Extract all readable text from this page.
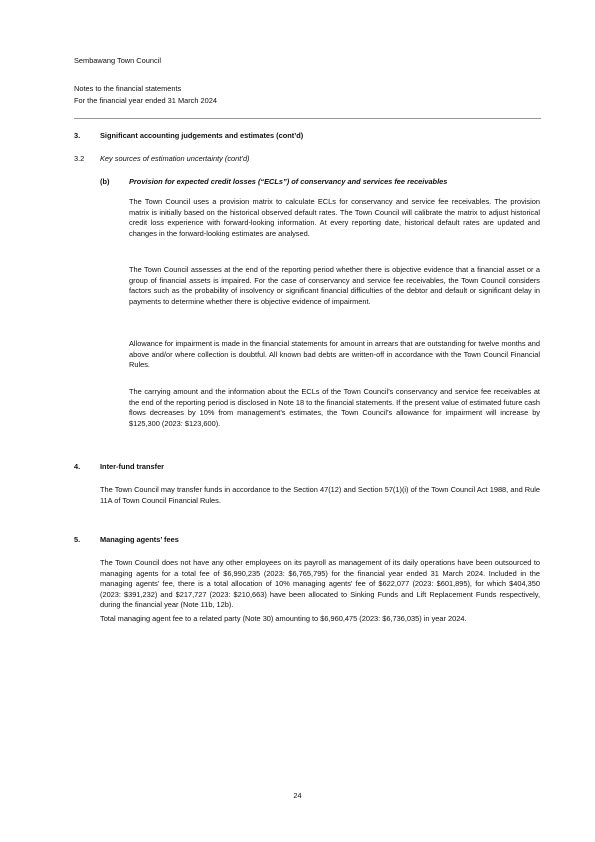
Sembawang Town Council
Notes to the financial statements
For the financial year ended 31 March 2024
3.	Significant accounting judgements and estimates (cont’d)
3.2 Key sources of estimation uncertainty (cont’d)
(b)	Provision for expected credit losses (“ECLs”) of conservancy and services fee receivables

The Town Council uses a provision matrix to calculate ECLs for conservancy and service fee receivables. The provision matrix is initially based on the historical observed default rates. The Town Council will calibrate the matrix to adjust historical credit loss experience with forward-looking information. At every reporting date, historical default rates are updated and changes in the forward-looking estimates are analysed.

The Town Council assesses at the end of the reporting period whether there is objective evidence that a financial asset or a group of financial assets is impaired. For the case of conservancy and service fee receivables, the Town Council considers factors such as the probability of insolvency or significant financial difficulties of the debtor and default or significant delay in payments to determine whether there is objective evidence of impairment.

Allowance for impairment is made in the financial statements for amount in arrears that are outstanding for twelve months and above and/or where collection is doubtful. All known bad debts are written-off in accordance with the Town Council Financial Rules.

The carrying amount and the information about the ECLs of the Town Council’s conservancy and service fee receivables at the end of the reporting period is disclosed in Note 18 to the financial statements. If the present value of estimated future cash flows decreases by 10% from management’s estimates, the Town Council’s allowance for impairment will increase by $125,300 (2023: $123,600).

4.	Inter-fund transfer

The Town Council may transfer funds in accordance to the Section 47(12) and Section 57(1)(i) of the Town Council Act 1988, and Rule 11A of Town Council Financial Rules.

5.	Managing agents’ fees

The Town Council does not have any other employees on its payroll as management of its daily operations have been outsourced to managing agents for a total fee of $6,990,235 (2023: $6,765,795) for the financial year ended 31 March 2024. Included in the managing agents’ fee, there is a total allocation of 10% managing agents’ fee of $622,077 (2023: $601,895), for which $404,350 (2023: $391,232) and $217,727 (2023: $210,663) have been allocated to Sinking Funds and Lift Replacement Funds respectively, during the financial year (Note 11b, 12b).

Total managing agent fee to a related party (Note 30) amounting to $6,960,475 (2023: $6,736,035) in year 2024.

24
